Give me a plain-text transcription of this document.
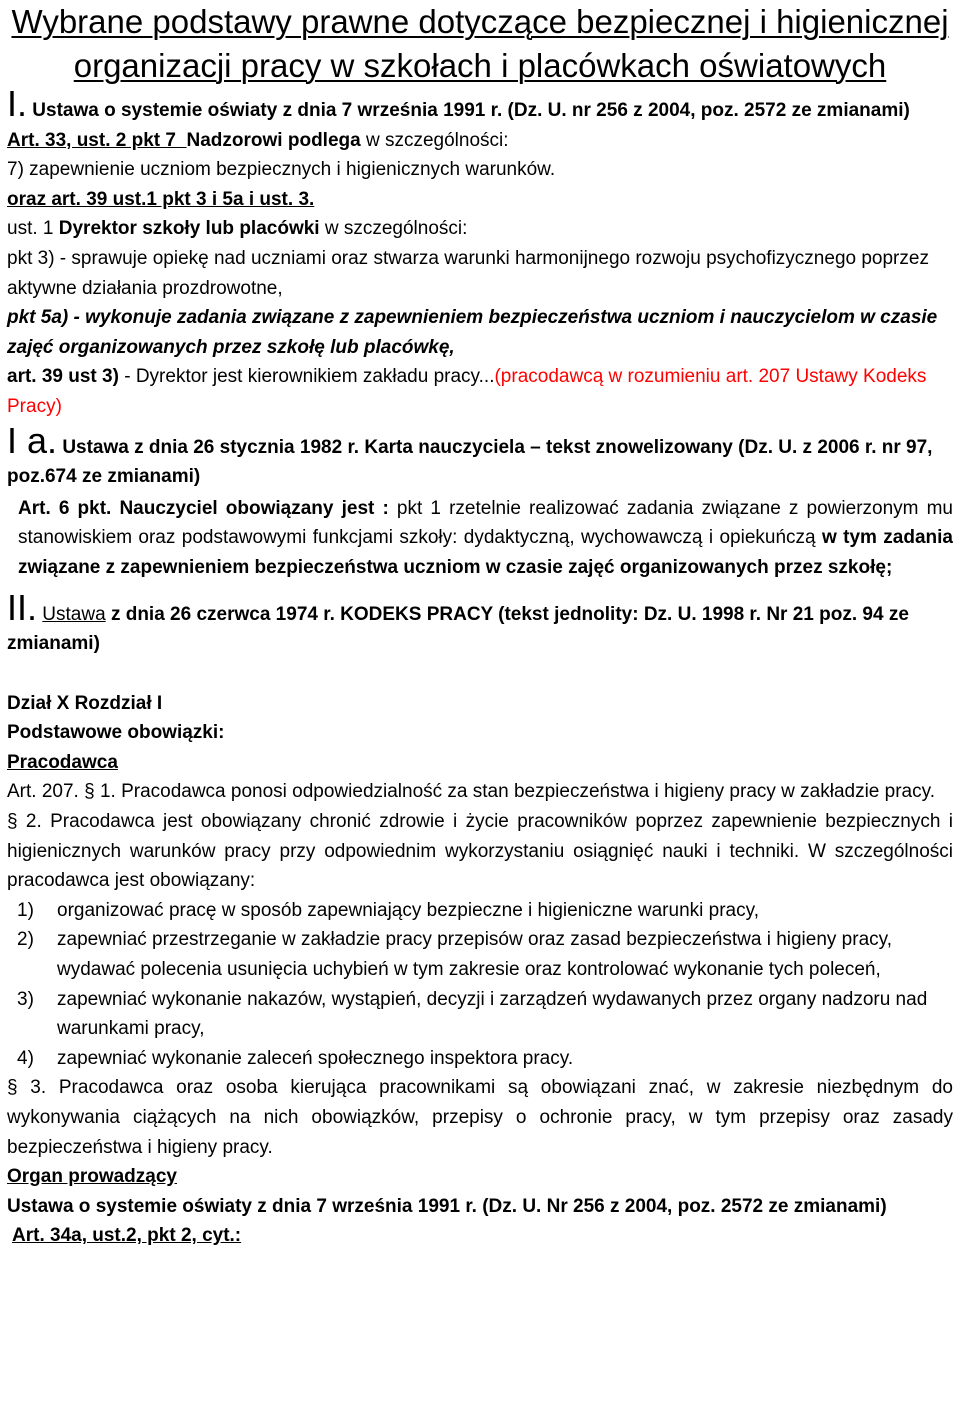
Wybrane podstawy prawne dotyczące bezpiecznej i higienicznej organizacji pracy w szkołach i placówkach oświatowych

I. Ustawa o systemie oświaty z dnia 7 września 1991 r. (Dz. U. nr 256 z 2004, poz. 2572 ze zmianami)

Art. 33, ust. 2 pkt 7 Nadzorowi podlega w szczególności:

7) zapewnienie uczniom bezpiecznych i higienicznych warunków.

oraz art. 39 ust.1 pkt 3 i 5a i ust. 3.

ust. 1 Dyrektor szkoły lub placówki w szczególności:

pkt 3) - sprawuje opiekę nad uczniami oraz stwarza warunki harmonijnego rozwoju psychofizycznego poprzez aktywne działania prozdrowotne,

pkt 5a) - wykonuje zadania związane z zapewnieniem bezpieczeństwa uczniom i nauczycielom w czasie zajęć organizowanych przez szkołę lub placówkę,

art. 39 ust 3) - Dyrektor jest kierownikiem zakładu pracy...(pracodawcą w rozumieniu art. 207 Ustawy Kodeks Pracy)

I a. Ustawa z dnia 26 stycznia 1982 r. Karta nauczyciela – tekst znowelizowany (Dz. U. z 2006 r. nr 97, poz.674 ze zmianami)

Art. 6 pkt. Nauczyciel obowiązany jest : pkt 1 rzetelnie realizować zadania związane z powierzonym mu stanowiskiem oraz podstawowymi funkcjami szkoły: dydaktyczną, wychowawczą i opiekuńczą w tym zadania związane z zapewnieniem bezpieczeństwa uczniom w czasie zajęć organizowanych przez szkołę;

II. Ustawa z dnia 26 czerwca 1974 r. KODEKS PRACY (tekst jednolity: Dz. U. 1998 r. Nr 21 poz. 94 ze zmianami)

Dział X Rozdział I

Podstawowe obowiązki:

Pracodawca

Art. 207. § 1. Pracodawca ponosi odpowiedzialność za stan bezpieczeństwa i higieny pracy w zakładzie pracy.

§ 2. Pracodawca jest obowiązany chronić zdrowie i życie pracowników poprzez zapewnienie bezpiecznych i higienicznych warunków pracy przy odpowiednim wykorzystaniu osiągnięć nauki i techniki. W szczególności pracodawca jest obowiązany:

1) organizować pracę w sposób zapewniający bezpieczne i higieniczne warunki pracy,

2) zapewniać przestrzeganie w zakładzie pracy przepisów oraz zasad bezpieczeństwa i higieny pracy, wydawać polecenia usunięcia uchybień w tym zakresie oraz kontrolować wykonanie tych poleceń,

3) zapewniać wykonanie nakazów, wystąpień, decyzji i zarządzeń wydawanych przez organy nadzoru nad warunkami pracy,

4) zapewniać wykonanie zaleceń społecznego inspektora pracy.

§ 3. Pracodawca oraz osoba kierująca pracownikami są obowiązani znać, w zakresie niezbędnym do wykonywania ciążących na nich obowiązków, przepisy o ochronie pracy, w tym przepisy oraz zasady bezpieczeństwa i higieny pracy.

Organ prowadzący

Ustawa o systemie oświaty z dnia 7 września 1991 r. (Dz. U. Nr 256 z 2004, poz. 2572 ze zmianami)

Art. 34a, ust.2, pkt 2, cyt.:
